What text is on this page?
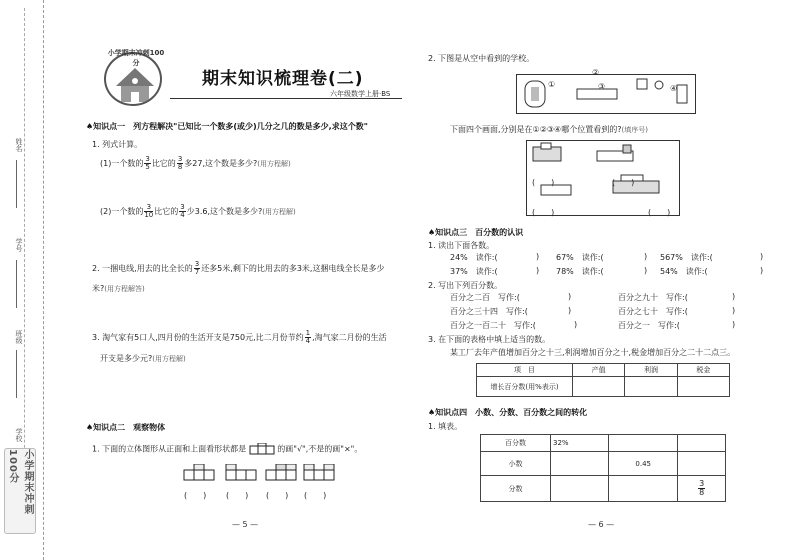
姓名
学号
班级
学校
小学期末冲刺100分
小学期末冲刺100分
期末知识梳理卷(二)
六年级数学上册·BS
♠知识点一　列方程解决"已知比一个数多(或少)几分之几的数是多少,求这个数"
1. 列式计算。
(1)一个数的 $\frac{3}{5}$ 比它的 $\frac{3}{8}$ 多27,这个数是多少?(用方程解)
(2)一个数的 $\frac{3}{10}$ 比它的 $\frac{3}{4}$ 少3.6,这个数是多少?(用方程解)
2. 一捆电线,用去的比全长的 $\frac{3}{7}$ 还多5米,剩下的比用去的多3米,这捆电线全长是多少
米?(用方程解答)
3. 淘气家有5口人,四月份的生活开支是750元,比二月份节约 $\frac{1}{4}$ ,淘气家二月份的生活
开支是多少元?(用方程解)
♠知识点二　观察物体
1. 下面的立体图形从正面和上面看形状都是	的画"√",不是的画"×"。
(　　) (　　) (　　) (　　)
— 5 —
2. 下图是从空中看到的学校。
②
①	③	④
下面四个画面,分别是在①②③④哪个位置看到的?(填序号)
(　　)	(　　)
(　　)	(　　)
♠知识点三　百分数的认识
1. 读出下面各数。
24%　读作:(	) 67%　读作:(	) 567%　读作:(	)
37%　读作:(	) 78%　读作:(	) 54%　读作:(	)
2. 写出下列百分数。
百分之二百　写作:(	)	百分之九十　写作:(	)
百分之三十四　写作:(	)	百分之七十　写作:(	)
百分之一百二十　写作:(	)	百分之一　写作:(	)
3. 在下面的表格中填上适当的数。
某工厂去年产值增加百分之十三,利润增加百分之十,税金增加百分之二十二点三。
项　目	产值	利润	税金
增长百分数(用%表示)			
♠知识点四　小数、分数、百分数之间的转化
1. 填表。
百分数	32%		
小数		0.45	
分数			$\frac{3}{8}$
— 6 —
